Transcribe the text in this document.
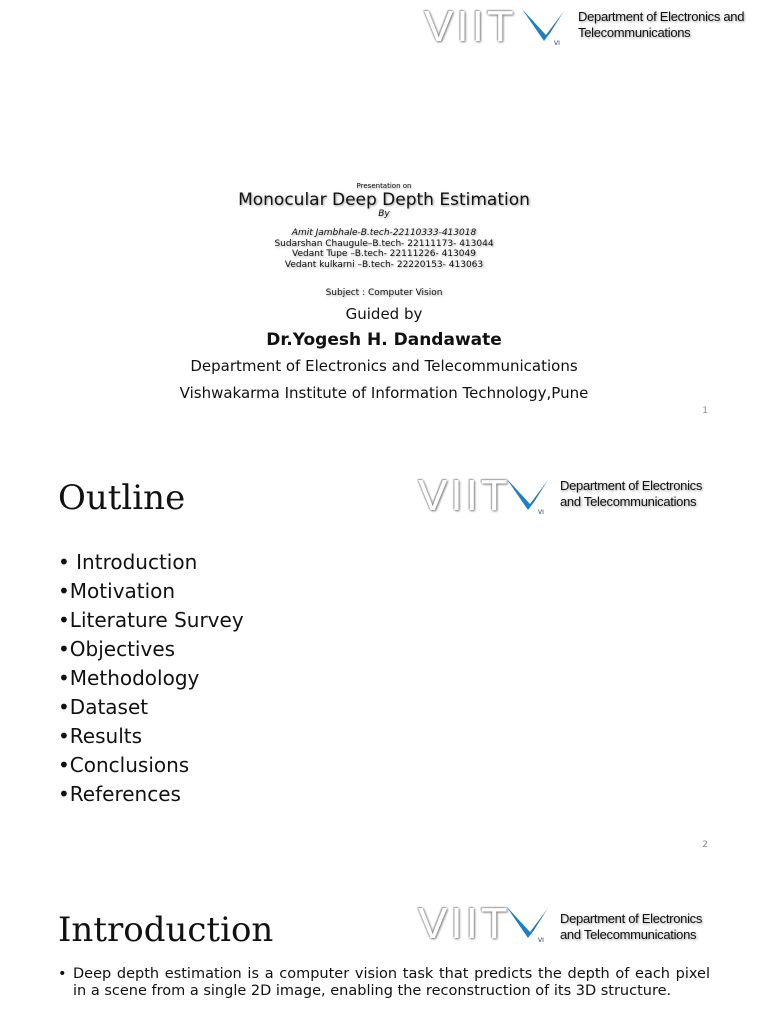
VIIT	VI
Department of Electronics and
Telecommunications
Presentation on
Monocular Deep Depth Estimation
By
Amit Jambhale-B.tech-22110333-413018
Sudarshan Chaugule–B.tech- 22111173- 413044
Vedant Tupe –B.tech- 22111226- 413049
Vedant kulkarni –B.tech- 22220153- 413063
Subject : Computer Vision
Guided by
Dr.Yogesh H. Dandawate
Department of Electronics and Telecommunications
Vishwakarma Institute of Information Technology,Pune
1
Outline	VIIT	VI
Department of Electronics
and Telecommunications
• Introduction
•Motivation
•Literature Survey
•Objectives
•Methodology
•Dataset
•Results
•Conclusions
•References
2
Introduction	VIIT	VI
Department of Electronics
and Telecommunications
• Deep depth estimation is a computer vision task that predicts the depth of each pixel in a scene from a single 2D image, enabling the reconstruction of its 3D structure.
